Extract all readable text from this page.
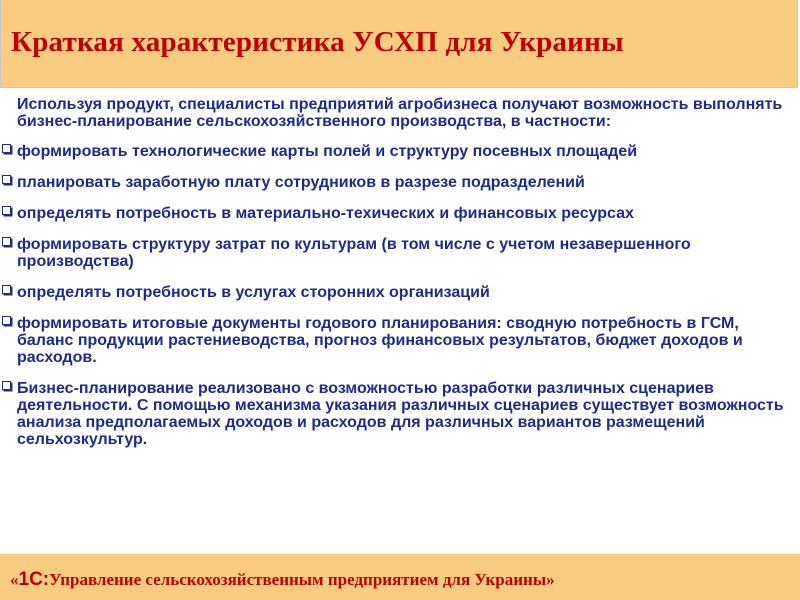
Краткая характеристика УСХП для Украины
Используя продукт, специалисты предприятий агробизнеса получают возможность выполнять бизнес-планирование сельскохозяйственного производства, в частности:
формировать технологические карты полей и структуру посевных площадей
планировать заработную плату сотрудников в разрезе подразделений
определять потребность в материально-техических и финансовых ресурсах
формировать структуру затрат по культурам (в том числе с учетом незавершенного производства)
определять потребность в услугах сторонних организаций
формировать итоговые документы годового планирования: сводную потребность в ГСМ, баланс продукции растениеводства, прогноз финансовых результатов, бюджет доходов и расходов.
Бизнес-планирование реализовано с возможностью разработки различных сценариев деятельности. С помощью механизма указания различных сценариев существует возможность анализа предполагаемых доходов и расходов для различных вариантов размещений сельхозкультур.
«1С:Управление сельскохозяйственным предприятием для Украины»
